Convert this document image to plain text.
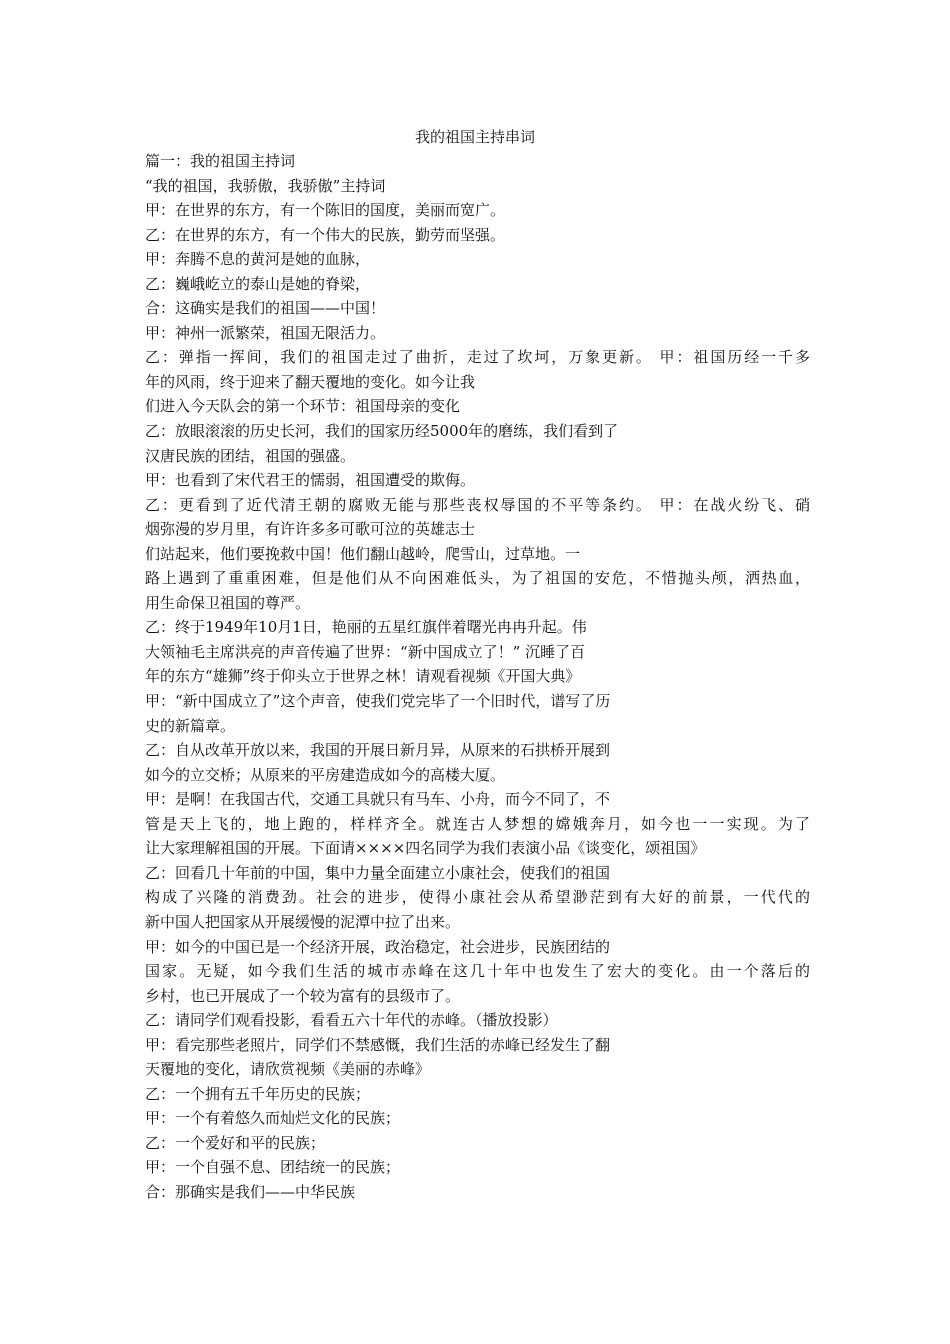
我的祖国主持串词
篇一：我的祖国主持词
“我的祖国，我骄傲，我骄傲”主持词
甲：在世界的东方，有一个陈旧的国度，美丽而宽广。
乙：在世界的东方，有一个伟大的民族，勤劳而坚强。
甲：奔腾不息的黄河是她的血脉，
乙：巍峨屹立的泰山是她的脊梁，
合：这确实是我们的祖国——中国！
甲：神州一派繁荣，祖国无限活力。
乙：弹指一挥间，我们的祖国走过了曲折，走过了坎坷，万象更新。 甲：祖国历经一千多
年的风雨，终于迎来了翻天覆地的变化。如今让我
们进入今天队会的第一个环节：祖国母亲的变化
乙：放眼滚滚的历史长河，我们的国家历经5000年的磨练，我们看到了
汉唐民族的团结，祖国的强盛。
甲：也看到了宋代君王的懦弱，祖国遭受的欺侮。
乙：更看到了近代清王朝的腐败无能与那些丧权辱国的不平等条约。 甲：在战火纷飞、硝
烟弥漫的岁月里，有许许多多可歌可泣的英雄志士
们站起来，他们要挽救中国！他们翻山越岭，爬雪山，过草地。一
路上遇到了重重困难，但是他们从不向困难低头，为了祖国的安危，不惜抛头颅，洒热血，
用生命保卫祖国的尊严。
乙：终于1949年10月1日，艳丽的五星红旗伴着曙光冉冉升起。伟
大领袖毛主席洪亮的声音传遍了世界：“新中国成立了！” 沉睡了百
年的东方“雄狮”终于仰头立于世界之林！请观看视频《开国大典》
甲：“新中国成立了”这个声音，使我们党完毕了一个旧时代，谱写了历
史的新篇章。
乙：自从改革开放以来，我国的开展日新月异，从原来的石拱桥开展到
如今的立交桥；从原来的平房建造成如今的高楼大厦。
甲：是啊！在我国古代，交通工具就只有马车、小舟，而今不同了，不
管是天上飞的，地上跑的，样样齐全。就连古人梦想的嫦娥奔月，如今也一一实现。为了
让大家理解祖国的开展。下面请××××四名同学为我们表演小品《谈变化，颂祖国》
乙：回看几十年前的中国，集中力量全面建立小康社会，使我们的祖国
构成了兴隆的消费劲。社会的进步，使得小康社会从希望渺茫到有大好的前景，一代代的
新中国人把国家从开展缓慢的泥潭中拉了出来。
甲：如今的中国已是一个经济开展，政治稳定，社会进步，民族团结的
国家。无疑，如今我们生活的城市赤峰在这几十年中也发生了宏大的变化。由一个落后的
乡村，也已开展成了一个较为富有的县级市了。
乙：请同学们观看投影，看看五六十年代的赤峰。（播放投影）
甲：看完那些老照片，同学们不禁感慨，我们生活的赤峰已经发生了翻
天覆地的变化，请欣赏视频《美丽的赤峰》
乙：一个拥有五千年历史的民族；
甲：一个有着悠久而灿烂文化的民族；
乙：一个爱好和平的民族；
甲：一个自强不息、团结统一的民族；
合：那确实是我们——中华民族
